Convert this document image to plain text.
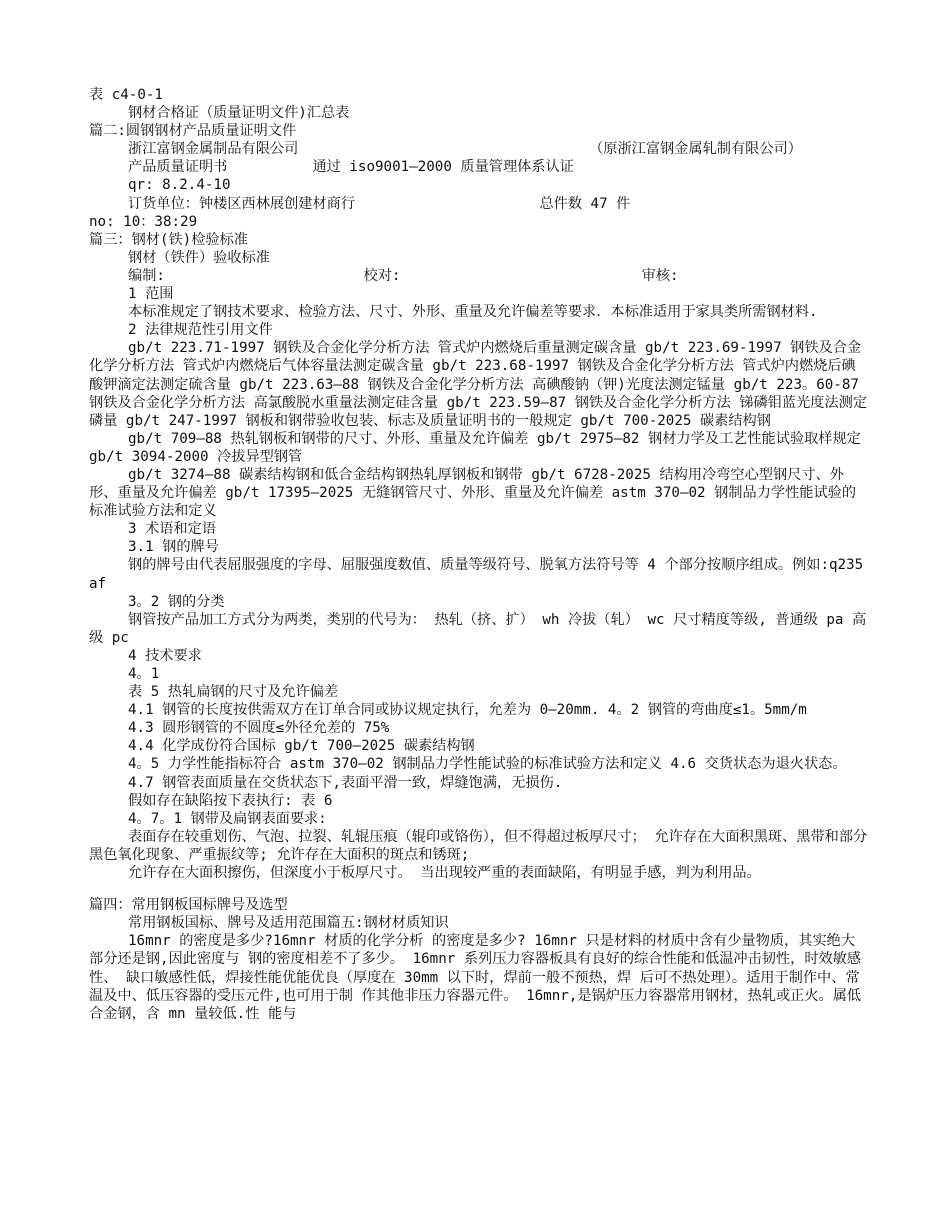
表 c4-0-1

钢材合格证（质量证明文件)汇总表

篇二:圆钢钢材产品质量证明文件

浙江富钢金属制品有限公司　　　　　　　　　　　　　　　　　　　　　（原浙江富钢金属轧制有限公司）

产品质量证明书　　　　　　通过 iso9001—2000 质量管理体系认证

qr: 8.2.4-10

订货单位：钟楼区西林展创建材商行　　　　　　　　　　　　　总件数 47 件

no: 10：38:29

篇三：钢材(铁)检验标准

钢材（铁件）验收标准

编制:　　　　　　　　　　　　　　校对:　　　　　　　　　　　　　　　　　审核:

1 范围

本标准规定了钢技术要求、检验方法、尺寸、外形、重量及允许偏差等要求．本标准适用于家具类所需钢材料.

2 法律规范性引用文件

gb/t 223.71-1997 钢铁及合金化学分析方法 管式炉内燃烧后重量测定碳含量 gb/t 223.69-1997 钢铁及合金化学分析方法 管式炉内燃烧后气体容量法测定碳含量 gb/t 223.68-1997 钢铁及合金化学分析方法 管式炉内燃烧后碘酸钾滴定法测定硫含量 gb/t 223.63—88 钢铁及合金化学分析方法 高碘酸钠（钾)光度法测定锰量 gb/t 223。60-87 钢铁及合金化学分析方法 高氯酸脱水重量法测定硅含量 gb/t 223.59—87 钢铁及合金化学分析方法 锑磷钼蓝光度法测定磷量 gb/t 247-1997 钢板和钢带验收包装、标志及质量证明书的一般规定 gb/t 700-2025 碳素结构钢

gb/t 709—88 热轧钢板和钢带的尺寸、外形、重量及允许偏差 gb/t 2975—82 钢材力学及工艺性能试验取样规定 gb/t 3094-2000 冷拔异型钢管

gb/t 3274—88 碳素结构钢和低合金结构钢热轧厚钢板和钢带 gb/t 6728-2025 结构用冷弯空心型钢尺寸、外形、重量及允许偏差 gb/t 17395—2025 无缝钢管尺寸、外形、重量及允许偏差 astm 370—02 钢制品力学性能试验的标准试验方法和定义

3 术语和定语

3.1 钢的牌号

钢的牌号由代表屈服强度的字母、屈服强度数值、质量等级符号、脱氧方法符号等 4 个部分按顺序组成。例如:q235af

3。2 钢的分类

钢管按产品加工方式分为两类，类别的代号为： 热轧（挤、扩） wh 冷拔（轧） wc 尺寸精度等级, 普通级 pa 高级 pc

4 技术要求

4。1

表 5 热轧扁钢的尺寸及允许偏差

4.1 钢管的长度按供需双方在订单合同或协议规定执行，允差为 0—20mm. 4。2 钢管的弯曲度≤1。5mm/m

4.3 圆形钢管的不圆度≤外径允差的 75%

4.4 化学成份符合国标 gb/t 700—2025 碳素结构钢

4。5 力学性能指标符合 astm 370—02 钢制品力学性能试验的标准试验方法和定义 4.6 交货状态为退火状态。

4.7 钢管表面质量在交货状态下,表面平滑一致，焊缝饱满，无损伤.

假如存在缺陷按下表执行: 表 6

4。7。1 钢带及扁钢表面要求:

表面存在较重划伤、气泡、拉裂、轧辊压痕（辊印或铬伤），但不得超过板厚尺寸； 允许存在大面积黑斑、黑带和部分黑色氧化现象、严重振纹等; 允许存在大面积的斑点和锈斑;

允许存在大面积擦伤，但深度小于板厚尺寸。 当出现较严重的表面缺陷，有明显手感，判为利用品。

篇四：常用钢板国标牌号及选型

常用钢板国标、牌号及适用范围篇五:钢材材质知识

16mnr 的密度是多少?16mnr 材质的化学分析 的密度是多少? 16mnr 只是材料的材质中含有少量物质，其实绝大部分还是钢,因此密度与 钢的密度相差不了多少。 16mnr 系列压力容器板具有良好的综合性能和低温冲击韧性，时效敏感性、 缺口敏感性低，焊接性能优能优良（厚度在 30mm 以下时，焊前一般不预热，焊 后可不热处理）。适用于制作中、常温及中、低压容器的受压元件,也可用于制 作其他非压力容器元件。 16mnr,是锅炉压力容器常用钢材，热轧或正火。属低合金钢，含 mn 量较低.性 能与
